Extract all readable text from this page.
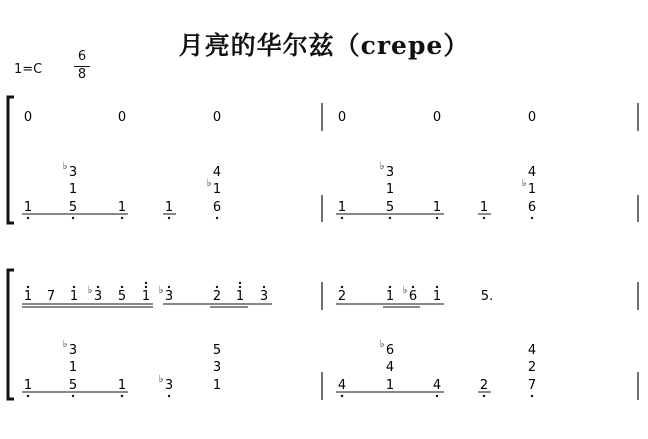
月亮的华尔兹（crepe）
1=C
6
8
0	0	0	0	0	0
3
♭
1
1	5	1	1
4
1
♭
6
3
♭
1
1	5	1	1
4
1
♭
6
1 7 1 3
♭ 5 1 3
♭	2 1 3	2	1 6
♭ 1	5.
3
♭
1
1	5	1	3
♭
5
3
1
6
♭
4
4	1	4	2
4
2
7
